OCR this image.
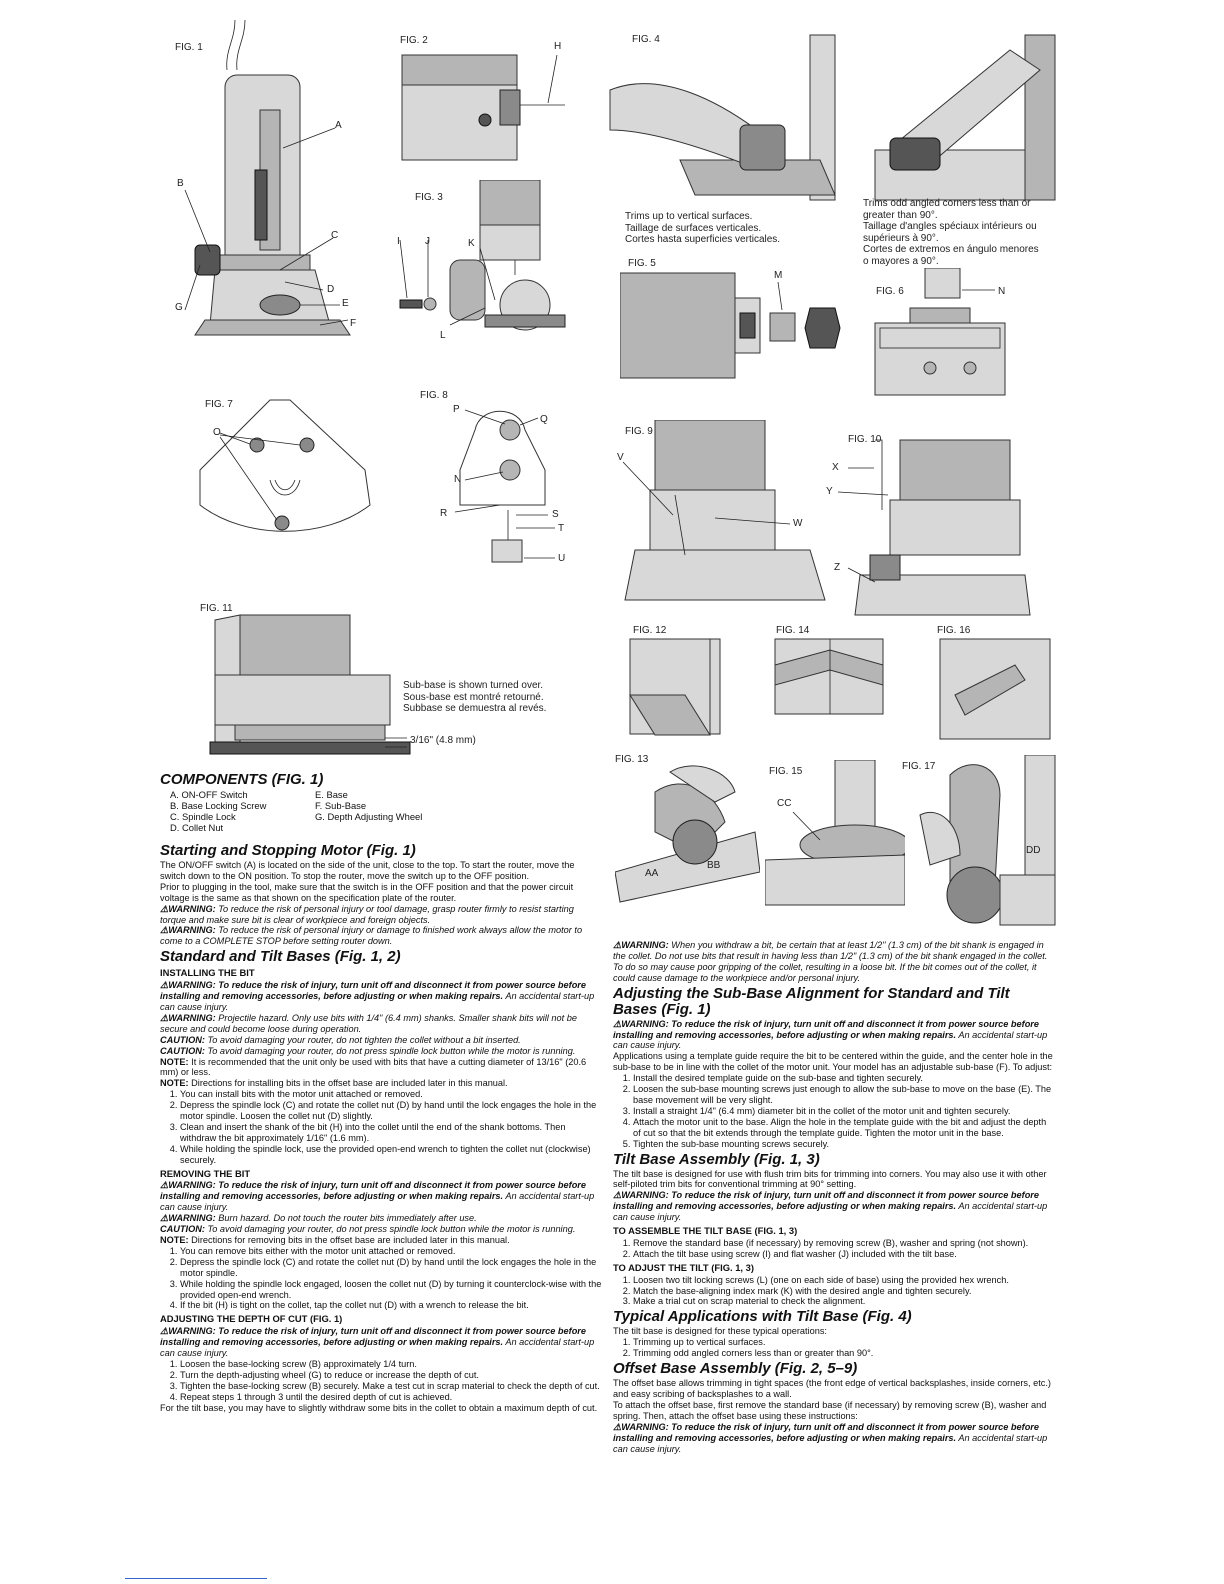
FIG. 1
A
B
C
D
E
F
G
FIG. 2
H
FIG. 3
I	J	K
L
FIG. 4
Trims up to vertical surfaces.
Taillage de surfaces verticales.
Cortes hasta superficies verticales.
Trims odd angled corners less than or
greater than 90°.
Taillage d'angles spéciaux intérieurs ou
supérieurs à 90°.
Cortes de extremos en ángulo menores
o mayores a 90°.
FIG. 5
M
FIG. 6	N
FIG. 7
O
FIG. 8
P
Q
N
R	S
T
U
FIG. 9
V
W
FIG. 10
X
Y
Z
FIG. 11
Sub-base is shown turned over.
Sous-base est montré retourné.
Subbase se demuestra al revés.
3/16" (4.8 mm)
FIG. 12	FIG. 14	FIG. 16
FIG. 13
AA
BB
FIG. 15
CC
FIG. 17
DD
COMPONENTS (FIG. 1)
A. ON-OFF Switch	E. Base
B. Base Locking Screw	F. Sub-Base
C. Spindle Lock	G. Depth Adjusting Wheel
D. Collet Nut
Starting and Stopping Motor (Fig. 1)

The ON/OFF switch (A) is located on the side of the unit, close to the top. To start the router, move the switch down to the ON position. To stop the router, move the switch up to the OFF position.

Prior to plugging in the tool, make sure that the switch is in the OFF position and that the power circuit voltage is the same as that shown on the specification plate of the router.

⚠WARNING: To reduce the risk of personal injury or tool damage, grasp router firmly to resist starting torque and make sure bit is clear of workpiece and foreign objects.

⚠WARNING: To reduce the risk of personal injury or damage to finished work always allow the motor to come to a COMPLETE STOP before setting router down.

Standard and Tilt Bases (Fig. 1, 2)
INSTALLING THE BIT

⚠WARNING: To reduce the risk of injury, turn unit off and disconnect it from power source before installing and removing accessories, before adjusting or when making repairs. An accidental start-up can cause injury.

⚠WARNING: Projectile hazard. Only use bits with 1/4" (6.4 mm) shanks. Smaller shank bits will not be secure and could become loose during operation.

CAUTION: To avoid damaging your router, do not tighten the collet without a bit inserted.

CAUTION: To avoid damaging your router, do not press spindle lock button while the motor is running.

NOTE: It is recommended that the unit only be used with bits that have a cutting diameter of 13/16" (20.6 mm) or less.

NOTE: Directions for installing bits in the offset base are included later in this manual.

1. You can install bits with the motor unit attached or removed.
2. Depress the spindle lock (C) and rotate the collet nut (D) by hand until the lock engages the hole in the motor spindle. Loosen the collet nut (D) slightly.
3. Clean and insert the shank of the bit (H) into the collet until the end of the shank bottoms. Then withdraw the bit approximately 1/16" (1.6 mm).
4. While holding the spindle lock, use the provided open-end wrench to tighten the collet nut (clockwise) securely.
REMOVING THE BIT

⚠WARNING: To reduce the risk of injury, turn unit off and disconnect it from power source before installing and removing accessories, before adjusting or when making repairs. An accidental start-up can cause injury.

⚠WARNING: Burn hazard. Do not touch the router bits immediately after use.

CAUTION: To avoid damaging your router, do not press spindle lock button while the motor is running.

NOTE: Directions for removing bits in the offset base are included later in this manual.

1. You can remove bits either with the motor unit attached or removed.
2. Depress the spindle lock (C) and rotate the collet nut (D) by hand until the lock engages the hole in the motor spindle.
3. While holding the spindle lock engaged, loosen the collet nut (D) by turning it counterclock-wise with the provided open-end wrench.
4. If the bit (H) is tight on the collet, tap the collet nut (D) with a wrench to release the bit.
ADJUSTING THE DEPTH OF CUT (FIG. 1)

⚠WARNING: To reduce the risk of injury, turn unit off and disconnect it from power source before installing and removing accessories, before adjusting or when making repairs. An accidental start-up can cause injury.

1. Loosen the base-locking screw (B) approximately 1/4 turn.
2. Turn the depth-adjusting wheel (G) to reduce or increase the depth of cut.
3. Tighten the base-locking screw (B) securely. Make a test cut in scrap material to check the depth of cut.
4. Repeat steps 1 through 3 until the desired depth of cut is achieved.

For the tilt base, you may have to slightly withdraw some bits in the collet to obtain a maximum depth of cut.

⚠WARNING: When you withdraw a bit, be certain that at least 1/2" (1.3 cm) of the bit shank is engaged in the collet. Do not use bits that result in having less than 1/2" (1.3 cm) of the bit shank engaged in the collet. To do so may cause poor gripping of the collet, resulting in a loose bit. If the bit comes out of the collet, it could cause damage to the workpiece and/or personal injury.

Adjusting the Sub-Base Alignment for Standard and Tilt Bases (Fig. 1)

⚠WARNING: To reduce the risk of injury, turn unit off and disconnect it from power source before installing and removing accessories, before adjusting or when making repairs. An accidental start-up can cause injury.

Applications using a template guide require the bit to be centered within the guide, and the center hole in the sub-base to be in line with the collet of the motor unit. Your model has an adjustable sub-base (F). To adjust:

1. Install the desired template guide on the sub-base and tighten securely.
2. Loosen the sub-base mounting screws just enough to allow the sub-base to move on the base (E). The base movement will be very slight.
3. Install a straight 1/4" (6.4 mm) diameter bit in the collet of the motor unit and tighten securely.
4. Attach the motor unit to the base. Align the hole in the template guide with the bit and adjust the depth of cut so that the bit extends through the template guide. Tighten the motor unit in the base.
5. Tighten the sub-base mounting screws securely.
Tilt Base Assembly (Fig. 1, 3)

The tilt base is designed for use with flush trim bits for trimming into corners. You may also use it with other self-piloted trim bits for conventional trimming at 90° setting.

⚠WARNING: To reduce the risk of injury, turn unit off and disconnect it from power source before installing and removing accessories, before adjusting or when making repairs. An accidental start-up can cause injury.

TO ASSEMBLE THE TILT BASE (FIG. 1, 3)
1. Remove the standard base (if necessary) by removing screw (B), washer and spring (not shown).
2. Attach the tilt base using screw (I) and flat washer (J) included with the tilt base.
TO ADJUST THE TILT (FIG. 1, 3)
1. Loosen two tilt locking screws (L) (one on each side of base) using the provided hex wrench.
2. Match the base-aligning index mark (K) with the desired angle and tighten securely.
3. Make a trial cut on scrap material to check the alignment.
Typical Applications with Tilt Base (Fig. 4)

The tilt base is designed for these typical operations:

1. Trimming up to vertical surfaces.
2. Trimming odd angled corners less than or greater than 90°.
Offset Base Assembly (Fig. 2, 5–9)

The offset base allows trimming in tight spaces (the front edge of vertical backsplashes, inside corners, etc.) and easy scribing of backsplashes to a wall.

To attach the offset base, first remove the standard base (if necessary) by removing screw (B), washer and spring. Then, attach the offset base using these instructions:

⚠WARNING: To reduce the risk of injury, turn unit off and disconnect it from power source before installing and removing accessories, before adjusting or when making repairs. An accidental start-up can cause injury.
